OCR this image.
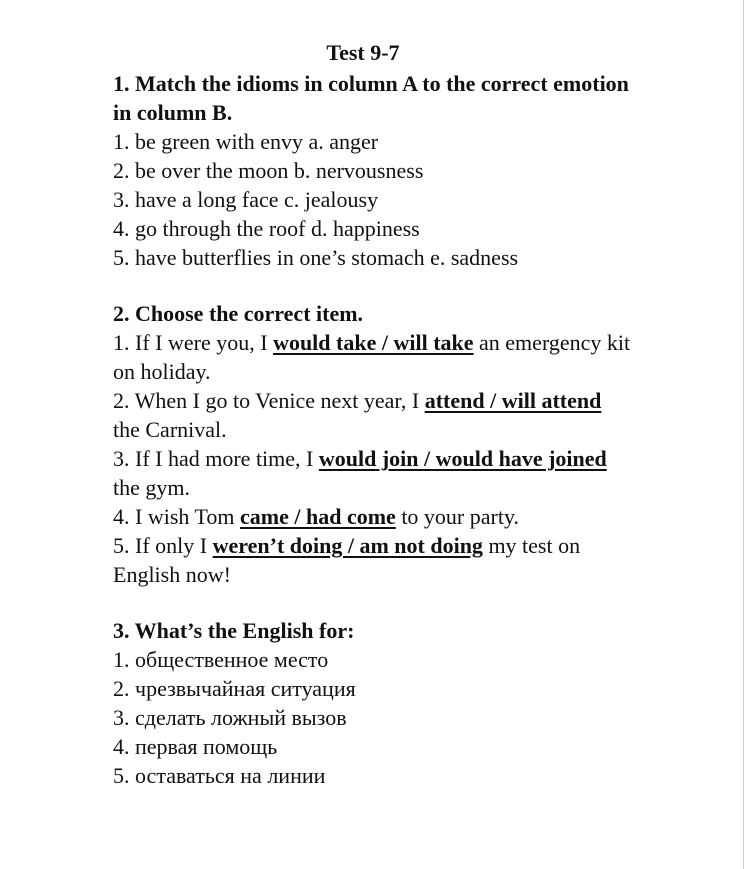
Test 9-7

1. Match the idioms in column A to the correct emotion in column B.

1. be green with envy a. anger

2. be over the moon b. nervousness

3. have a long face c. jealousy

4. go through the roof d. happiness

5. have butterflies in one’s stomach e. sadness

2. Choose the correct item.

1. If I were you, I would take / will take an emergency kit on holiday.

2. When I go to Venice next year, I attend / will attend the Carnival.

3. If I had more time, I would join / would have joined the gym.

4. I wish Tom came / had come to your party.

5. If only I weren’t doing / am not doing my test on English now!

3. What’s the English for:

1. общественное место

2. чрезвычайная ситуация

3. сделать ложный вызов

4. первая помощь

5. оставаться на линии
